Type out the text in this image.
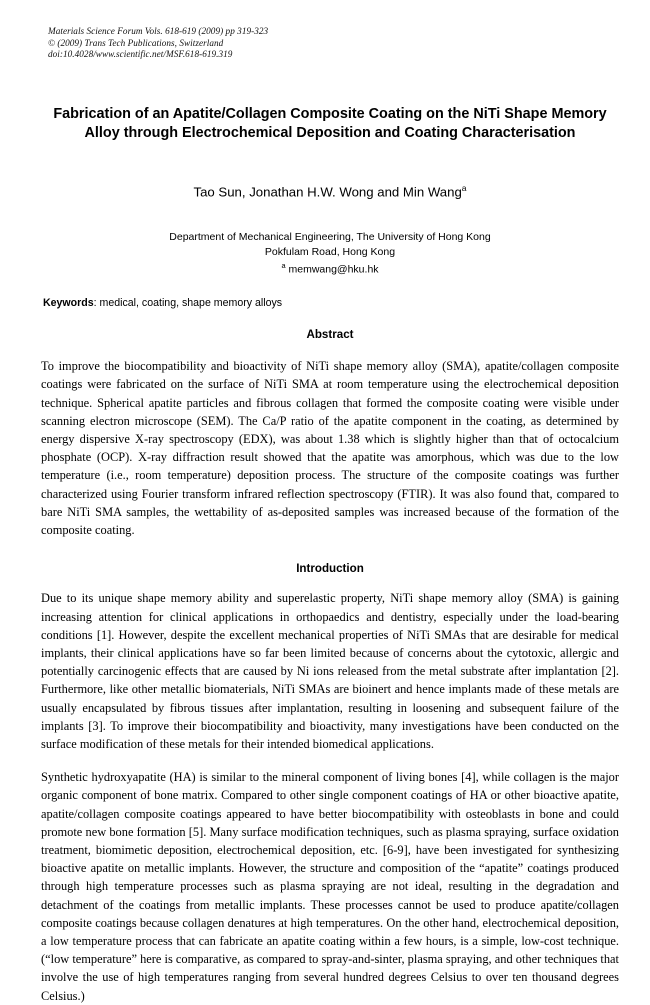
Materials Science Forum Vols. 618-619 (2009) pp 319-323
© (2009) Trans Tech Publications, Switzerland
doi:10.4028/www.scientific.net/MSF.618-619.319
Fabrication of an Apatite/Collagen Composite Coating on the NiTi Shape Memory Alloy through Electrochemical Deposition and Coating Characterisation
Tao Sun, Jonathan H.W. Wong and Min Wang$^a$
Department of Mechanical Engineering, The University of Hong Kong
Pokfulam Road, Hong Kong
$^a$ memwang@hku.hk
Keywords: medical, coating, shape memory alloys
Abstract
To improve the biocompatibility and bioactivity of NiTi shape memory alloy (SMA), apatite/collagen composite coatings were fabricated on the surface of NiTi SMA at room temperature using the electrochemical deposition technique. Spherical apatite particles and fibrous collagen that formed the composite coating were visible under scanning electron microscope (SEM). The Ca/P ratio of the apatite component in the coating, as determined by energy dispersive X-ray spectroscopy (EDX), was about 1.38 which is slightly higher than that of octocalcium phosphate (OCP). X-ray diffraction result showed that the apatite was amorphous, which was due to the low temperature (i.e., room temperature) deposition process. The structure of the composite coatings was further characterized using Fourier transform infrared reflection spectroscopy (FTIR). It was also found that, compared to bare NiTi SMA samples, the wettability of as-deposited samples was increased because of the formation of the composite coating.
Introduction
Due to its unique shape memory ability and superelastic property, NiTi shape memory alloy (SMA) is gaining increasing attention for clinical applications in orthopaedics and dentistry, especially under the load-bearing conditions [1]. However, despite the excellent mechanical properties of NiTi SMAs that are desirable for medical implants, their clinical applications have so far been limited because of concerns about the cytotoxic, allergic and potentially carcinogenic effects that are caused by Ni ions released from the metal substrate after implantation [2]. Furthermore, like other metallic biomaterials, NiTi SMAs are bioinert and hence implants made of these metals are usually encapsulated by fibrous tissues after implantation, resulting in loosening and subsequent failure of the implants [3]. To improve their biocompatibility and bioactivity, many investigations have been conducted on the surface modification of these metals for their intended biomedical applications.
Synthetic hydroxyapatite (HA) is similar to the mineral component of living bones [4], while collagen is the major organic component of bone matrix. Compared to other single component coatings of HA or other bioactive apatite, apatite/collagen composite coatings appeared to have better biocompatibility with osteoblasts in bone and could promote new bone formation [5]. Many surface modification techniques, such as plasma spraying, surface oxidation treatment, biomimetic deposition, electrochemical deposition, etc. [6-9], have been investigated for synthesizing bioactive apatite on metallic implants. However, the structure and composition of the “apatite” coatings produced through high temperature processes such as plasma spraying are not ideal, resulting in the degradation and detachment of the coatings from metallic implants. These processes cannot be used to produce apatite/collagen composite coatings because collagen denatures at high temperatures. On the other hand, electrochemical deposition, a low temperature process that can fabricate an apatite coating within a few hours, is a simple, low-cost technique. (“low temperature” here is comparative, as compared to spray-and-sinter, plasma spraying, and other techniques that involve the use of high temperatures ranging from several hundred degrees Celsius to over ten thousand degrees Celsius.)
